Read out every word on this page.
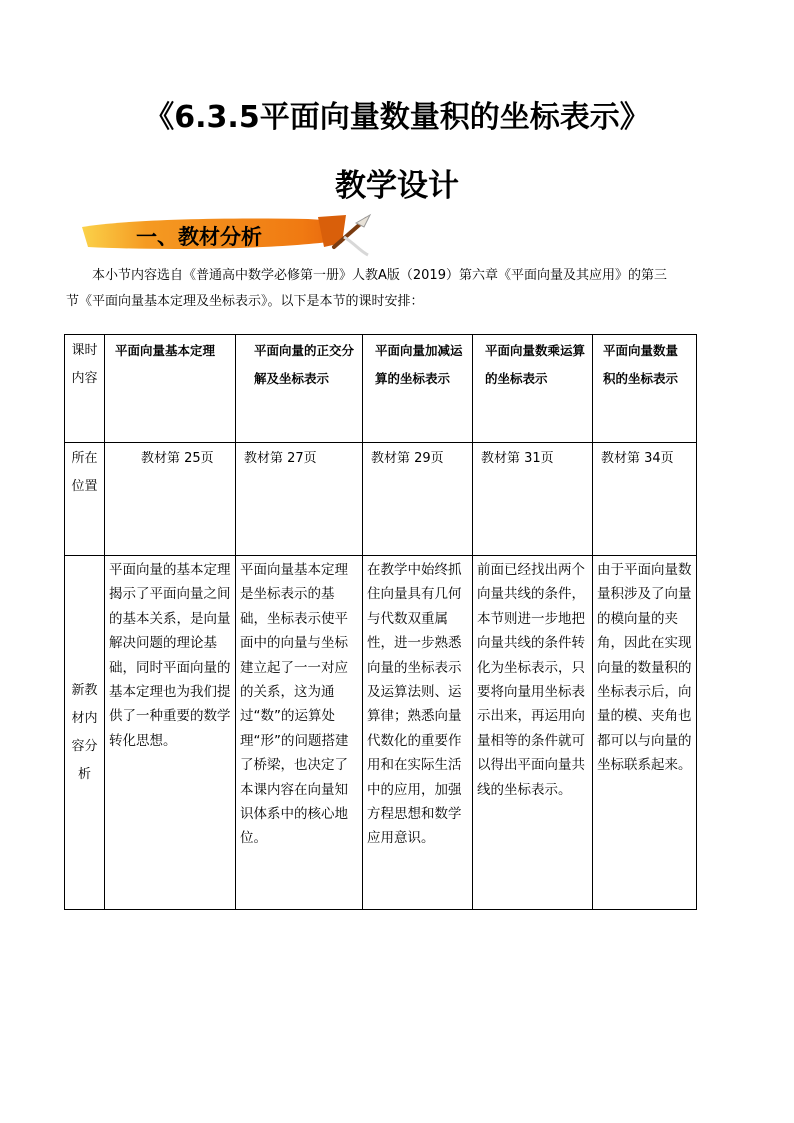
《6.3.5平面向量数量积的坐标表示》
教学设计
一、教材分析

本小节内容选自《普通高中数学必修第一册》人教A版（2019）第六章《平面向量及其应用》的第三

节《平面向量基本定理及坐标表示》。以下是本节的课时安排：

课时内容	平面向量基本定理	平面向量的正交分解及坐标表示	平面向量加减运算的坐标表示	平面向量数乘运算的坐标表示	平面向量数量积的坐标表示
所在位置	教材第 25页	教材第 27页	教材第 29页	教材第 31页	教材第 34页
新教材内容分析	平面向量的基本定理揭示了平面向量之间的基本关系，是向量解决问题的理论基础，同时平面向量的基本定理也为我们提供了一种重要的数学转化思想。	平面向量基本定理是坐标表示的基础，坐标表示使平面中的向量与坐标建立起了一一对应的关系，这为通过“数”的运算处理“形”的问题搭建了桥梁，也决定了本课内容在向量知识体系中的核心地位。	在教学中始终抓住向量具有几何与代数双重属性，进一步熟悉向量的坐标表示及运算法则、运算律；熟悉向量代数化的重要作用和在实际生活中的应用，加强方程思想和数学应用意识。	前面已经找出两个向量共线的条件，本节则进一步地把向量共线的条件转化为坐标表示，只要将向量用坐标表示出来，再运用向量相等的条件就可以得出平面向量共线的坐标表示。	由于平面向量数量积涉及了向量的模向量的夹角，因此在实现向量的数量积的坐标表示后，向量的模、夹角也都可以与向量的坐标联系起来。
